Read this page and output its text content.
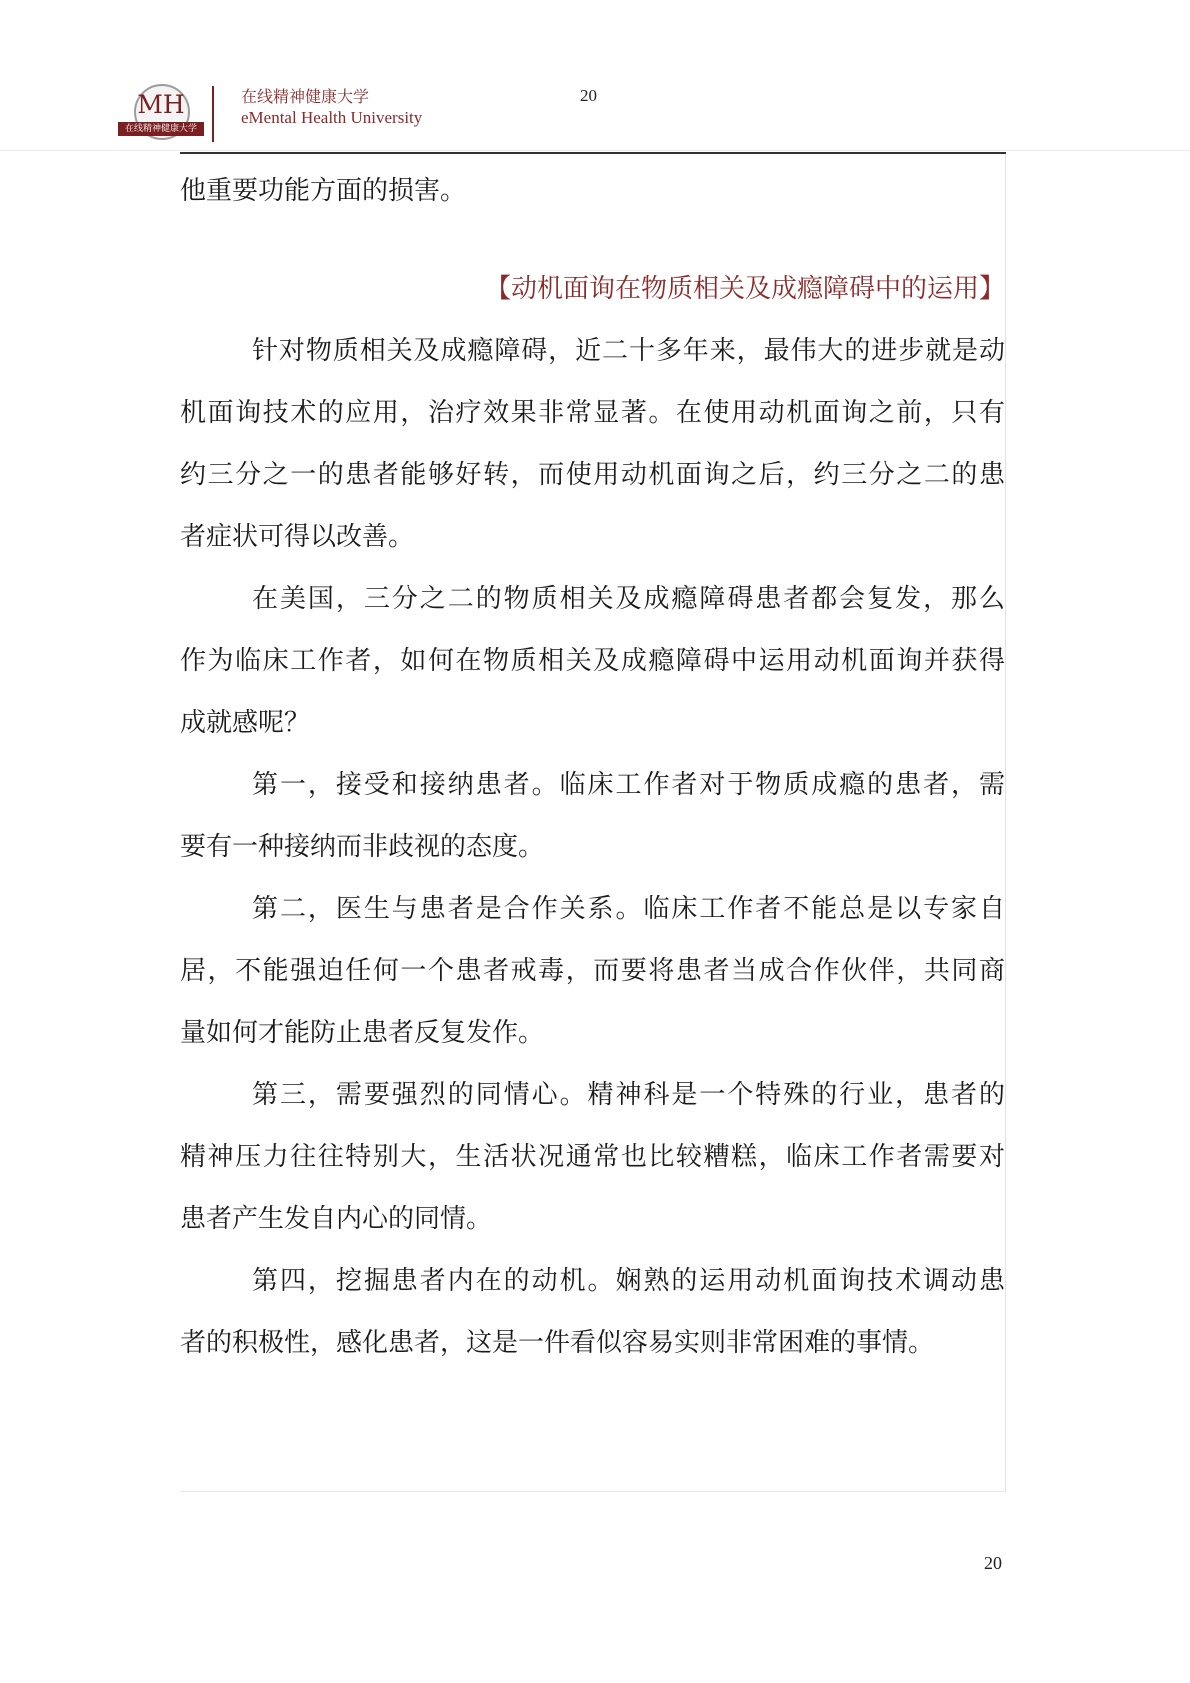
MH
在线精神健康大学
在线精神健康大学
eMental Health University
20
他重要功能方面的损害。
【动机面询在物质相关及成瘾障碍中的运用】
针对物质相关及成瘾障碍，近二十多年来，最伟大的进步就是动
机面询技术的应用，治疗效果非常显著。在使用动机面询之前，只有
约三分之一的患者能够好转，而使用动机面询之后，约三分之二的患
者症状可得以改善。
在美国，三分之二的物质相关及成瘾障碍患者都会复发，那么
作为临床工作者，如何在物质相关及成瘾障碍中运用动机面询并获得
成就感呢？
第一，接受和接纳患者。临床工作者对于物质成瘾的患者，需
要有一种接纳而非歧视的态度。
第二，医生与患者是合作关系。临床工作者不能总是以专家自
居，不能强迫任何一个患者戒毒，而要将患者当成合作伙伴，共同商
量如何才能防止患者反复发作。
第三，需要强烈的同情心。精神科是一个特殊的行业，患者的
精神压力往往特别大，生活状况通常也比较糟糕，临床工作者需要对
患者产生发自内心的同情。
第四，挖掘患者内在的动机。娴熟的运用动机面询技术调动患
者的积极性，感化患者，这是一件看似容易实则非常困难的事情。
20
